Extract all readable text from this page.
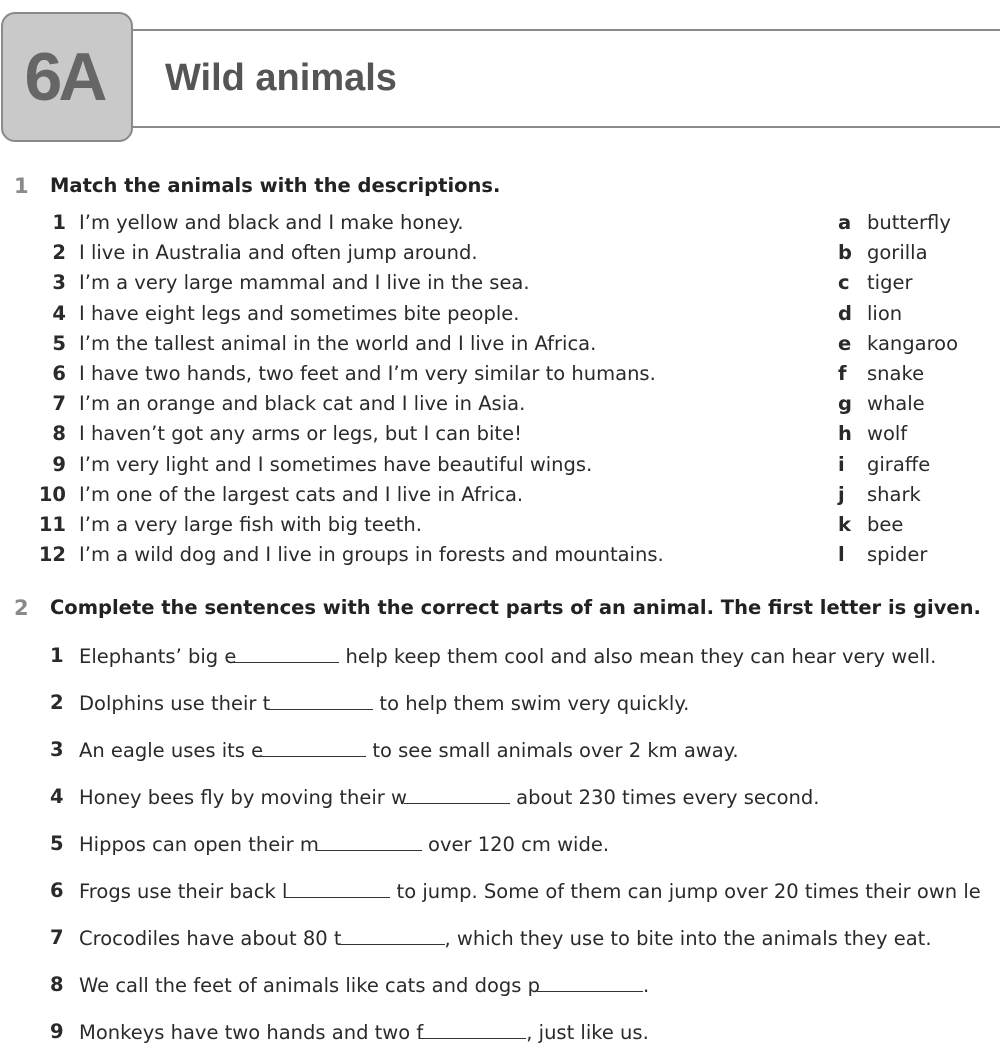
6A Wild animals
1 Match the animals with the descriptions.
1 I’m yellow and black and I make honey.
2 I live in Australia and often jump around.
3 I’m a very large mammal and I live in the sea.
4 I have eight legs and sometimes bite people.
5 I’m the tallest animal in the world and I live in Africa.
6 I have two hands, two feet and I’m very similar to humans.
7 I’m an orange and black cat and I live in Asia.
8 I haven’t got any arms or legs, but I can bite!
9 I’m very light and I sometimes have beautiful wings.
10 I’m one of the largest cats and I live in Africa.
11 I’m a very large fish with big teeth.
12 I’m a wild dog and I live in groups in forests and mountains.
a butterfly
b gorilla
c tiger
d lion
e kangaroo
f snake
g whale
h wolf
i giraffe
j shark
k bee
l spider
2 Complete the sentences with the correct parts of an animal. The first letter is given.
1 Elephants’ big e	help keep them cool and also mean they can hear very well.
2 Dolphins use their t	to help them swim very quickly.
3 An eagle uses its e	to see small animals over 2 km away.
4 Honey bees fly by moving their w	about 230 times every second.
5 Hippos can open their m	over 120 cm wide.
6 Frogs use their back l	to jump. Some of them can jump over 20 times their own le
7 Crocodiles have about 80 t	, which they use to bite into the animals they eat.
8 We call the feet of animals like cats and dogs p	.
9 Monkeys have two hands and two f	, just like us.
